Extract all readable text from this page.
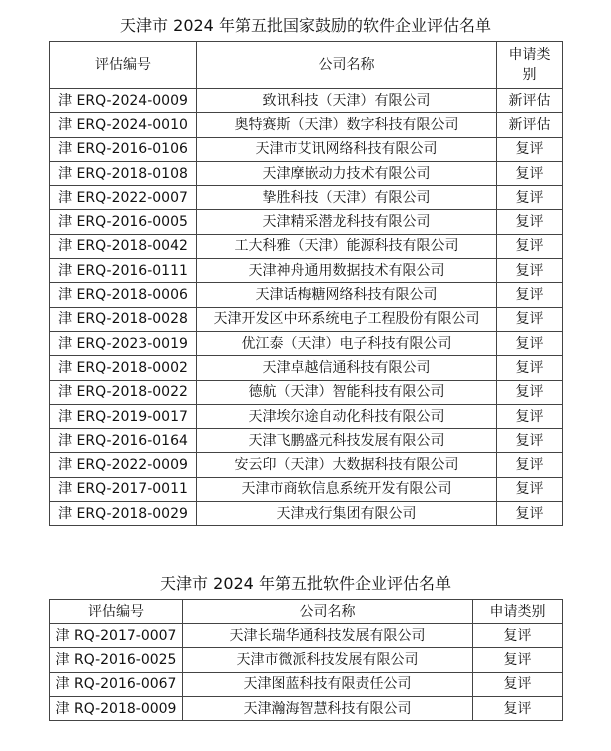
天津市 2024 年第五批国家鼓励的软件企业评估名单
评估编号	公司名称	申请类别
津 ERQ-2024-0009	致讯科技（天津）有限公司	新评估
津 ERQ-2024-0010	奥特赛斯（天津）数字科技有限公司	新评估
津 ERQ-2016-0106	天津市艾讯网络科技有限公司	复评
津 ERQ-2018-0108	天津摩嵌动力技术有限公司	复评
津 ERQ-2022-0007	挚胜科技（天津）有限公司	复评
津 ERQ-2016-0005	天津精采潜龙科技有限公司	复评
津 ERQ-2018-0042	工大科雅（天津）能源科技有限公司	复评
津 ERQ-2016-0111	天津神舟通用数据技术有限公司	复评
津 ERQ-2018-0006	天津话梅糖网络科技有限公司	复评
津 ERQ-2018-0028	天津开发区中环系统电子工程股份有限公司	复评
津 ERQ-2023-0019	优江泰（天津）电子科技有限公司	复评
津 ERQ-2018-0002	天津卓越信通科技有限公司	复评
津 ERQ-2018-0022	德航（天津）智能科技有限公司	复评
津 ERQ-2019-0017	天津埃尔途自动化科技有限公司	复评
津 ERQ-2016-0164	天津飞鹏盛元科技发展有限公司	复评
津 ERQ-2022-0009	安云印（天津）大数据科技有限公司	复评
津 ERQ-2017-0011	天津市商软信息系统开发有限公司	复评
津 ERQ-2018-0029	天津戎行集团有限公司	复评
天津市 2024 年第五批软件企业评估名单
评估编号	公司名称	申请类别
津 RQ-2017-0007	天津长瑞华通科技发展有限公司	复评
津 RQ-2016-0025	天津市微派科技发展有限公司	复评
津 RQ-2016-0067	天津图蓝科技有限责任公司	复评
津 RQ-2018-0009	天津瀚海智慧科技有限公司	复评
